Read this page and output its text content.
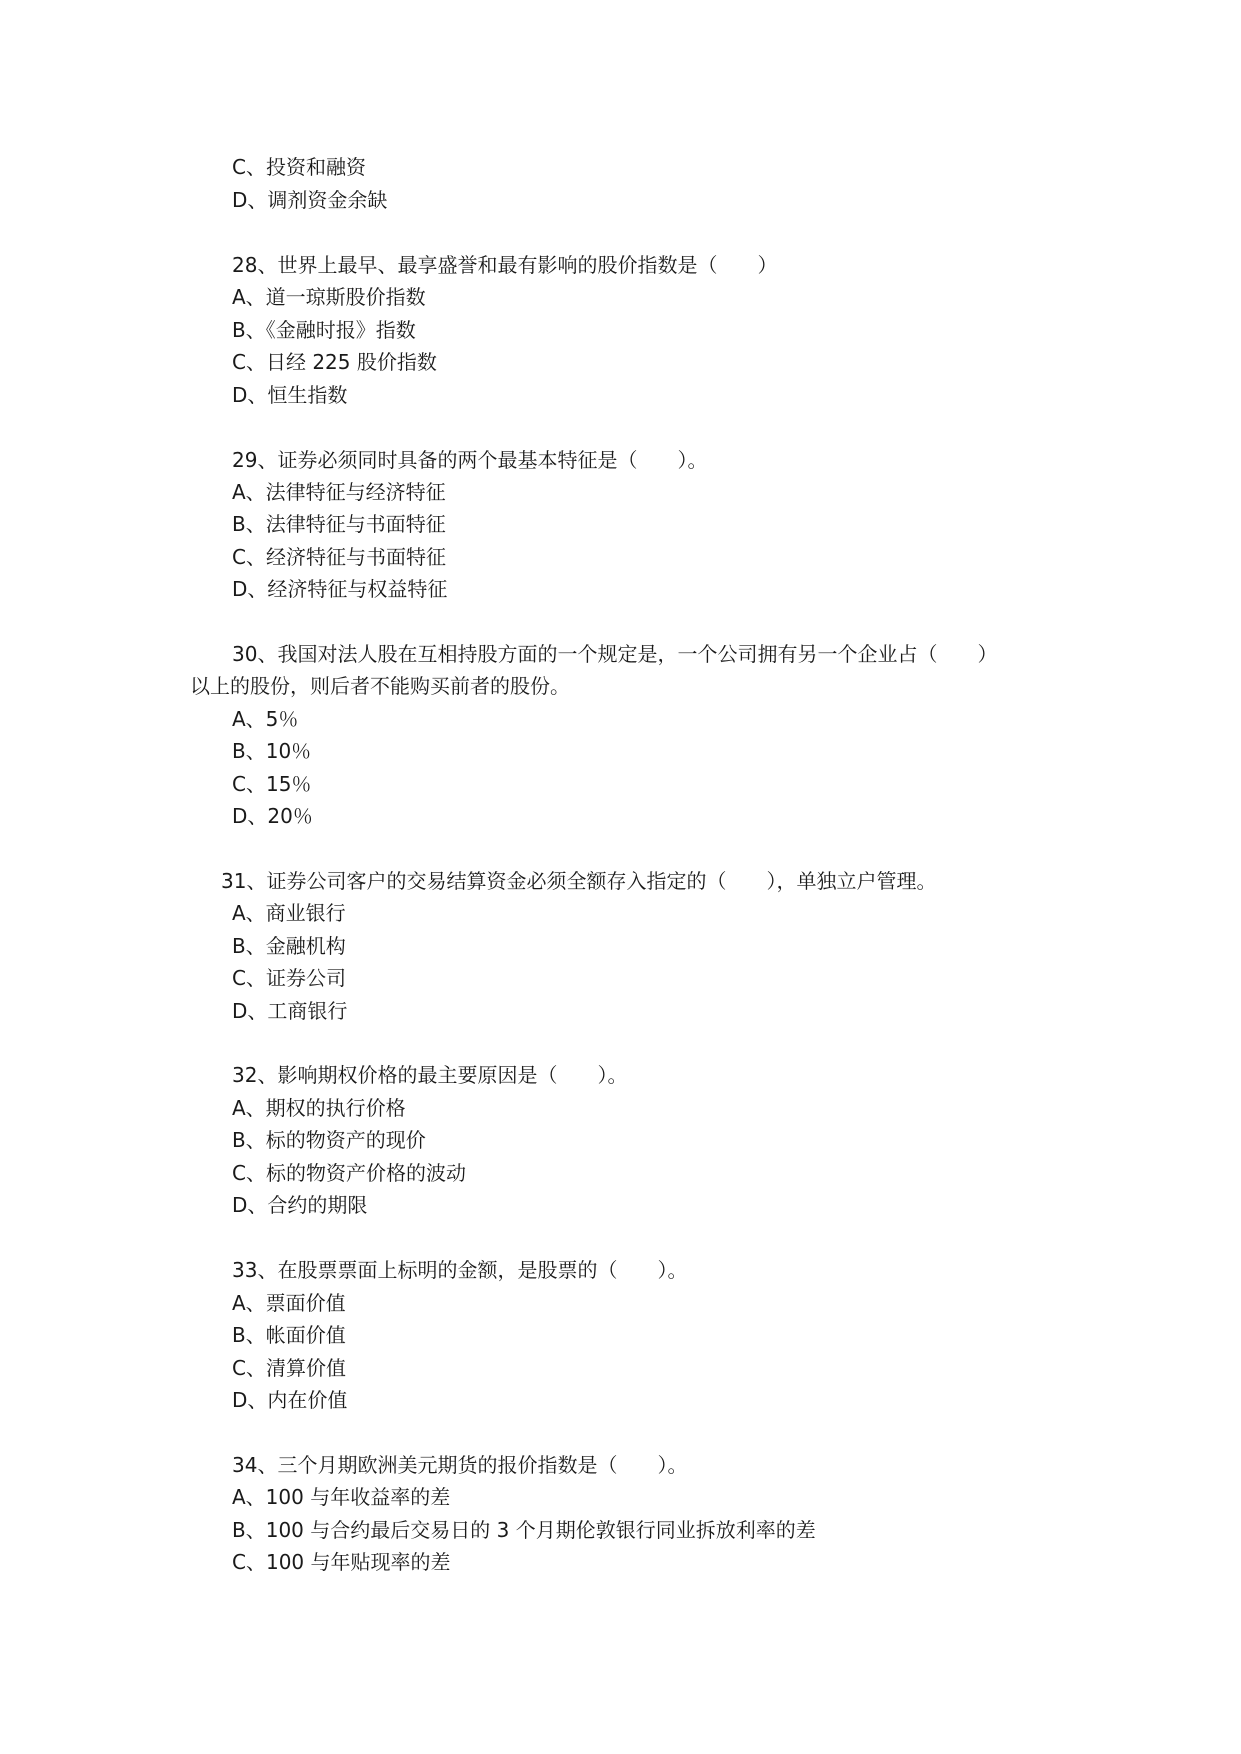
C、投资和融资
D、调剂资金余缺
28、世界上最早、最享盛誉和最有影响的股价指数是（　　）
A、道一琼斯股价指数
B、《金融时报》指数
C、日经 225 股价指数
D、恒生指数
29、证券必须同时具备的两个最基本特征是（　　）。
A、法律特征与经济特征
B、法律特征与书面特征
C、经济特征与书面特征
D、经济特征与权益特征
30、我国对法人股在互相持股方面的一个规定是，一个公司拥有另一个企业占（　　）
以上的股份，则后者不能购买前者的股份。
A、5％
B、10％
C、15％
D、20％
31、证券公司客户的交易结算资金必须全额存入指定的（　　），单独立户管理。
A、商业银行
B、金融机构
C、证券公司
D、工商银行
32、影响期权价格的最主要原因是（　　）。
A、期权的执行价格
B、标的物资产的现价
C、标的物资产价格的波动
D、合约的期限
33、在股票票面上标明的金额，是股票的（　　）。
A、票面价值
B、帐面价值
C、清算价值
D、内在价值
34、三个月期欧洲美元期货的报价指数是（　　）。
A、100 与年收益率的差
B、100 与合约最后交易日的 3 个月期伦敦银行同业拆放利率的差
C、100 与年贴现率的差
